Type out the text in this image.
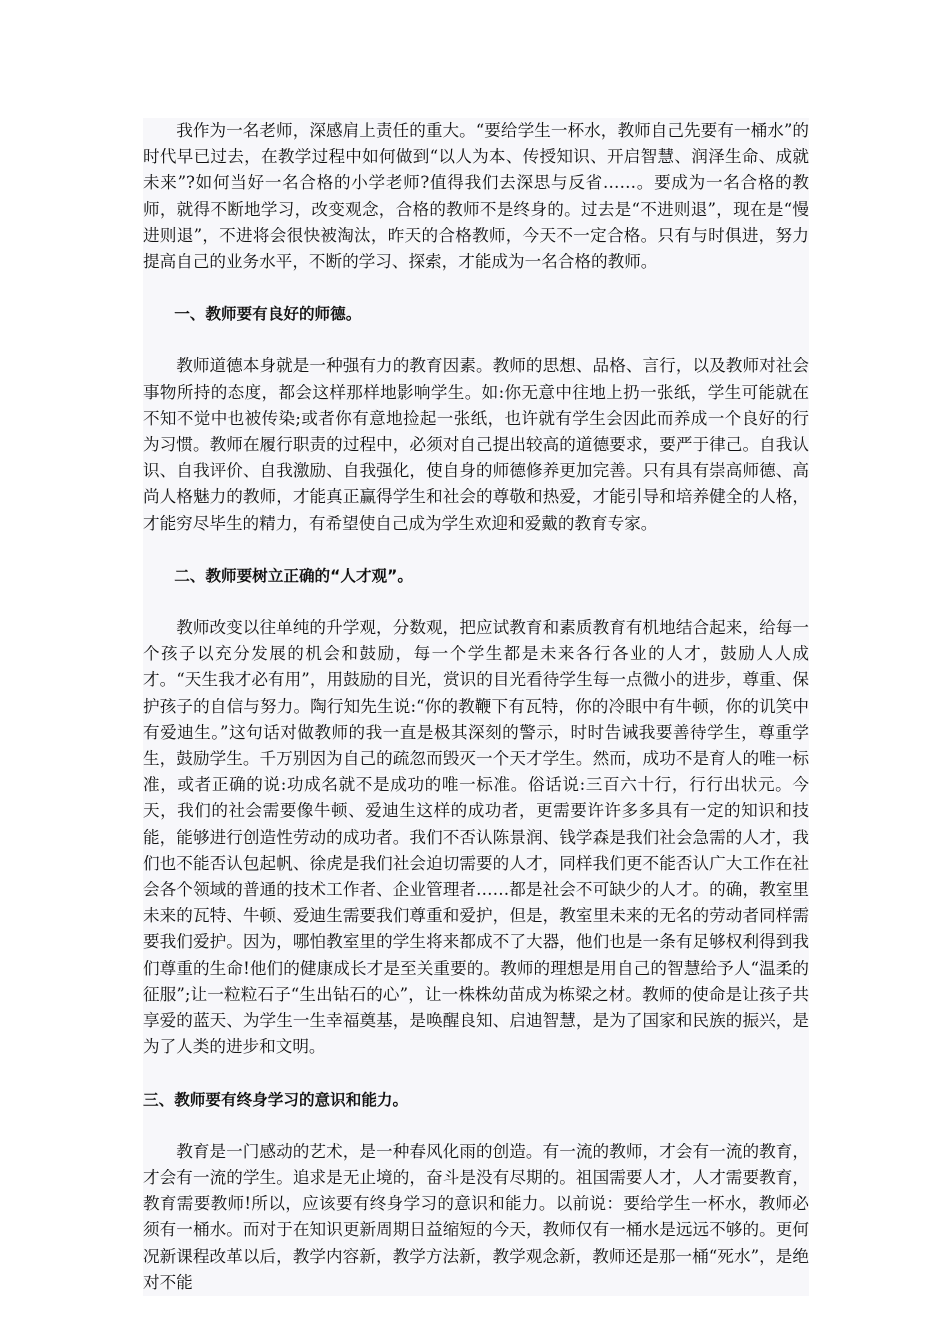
我作为一名老师，深感肩上责任的重大。“要给学生一杯水，教师自己先要有一桶水”的时代早已过去，在教学过程中如何做到“以人为本、传授知识、开启智慧、润泽生命、成就未来”?如何当好一名合格的小学老师?值得我们去深思与反省……。要成为一名合格的教师，就得不断地学习，改变观念，合格的教师不是终身的。过去是“不进则退”，现在是“慢进则退”，不进将会很快被淘汰，昨天的合格教师，今天不一定合格。只有与时俱进，努力提高自己的业务水平，不断的学习、探索，才能成为一名合格的教师。

一、教师要有良好的师德。

教师道德本身就是一种强有力的教育因素。教师的思想、品格、言行，以及教师对社会事物所持的态度，都会这样那样地影响学生。如:你无意中往地上扔一张纸，学生可能就在不知不觉中也被传染;或者你有意地捡起一张纸，也许就有学生会因此而养成一个良好的行为习惯。教师在履行职责的过程中，必须对自己提出较高的道德要求，要严于律己。自我认识、自我评价、自我激励、自我强化，使自身的师德修养更加完善。只有具有崇高师德、高尚人格魅力的教师，才能真正赢得学生和社会的尊敬和热爱，才能引导和培养健全的人格，才能穷尽毕生的精力，有希望使自己成为学生欢迎和爱戴的教育专家。

二、教师要树立正确的“人才观”。

教师改变以往单纯的升学观，分数观，把应试教育和素质教育有机地结合起来，给每一个孩子以充分发展的机会和鼓励，每一个学生都是未来各行各业的人才，鼓励人人成才。“天生我才必有用”，用鼓励的目光，赏识的目光看待学生每一点微小的进步，尊重、保护孩子的自信与努力。陶行知先生说:“你的教鞭下有瓦特，你的冷眼中有牛顿，你的讥笑中有爱迪生。”这句话对做教师的我一直是极其深刻的警示，时时告诫我要善待学生，尊重学生，鼓励学生。千万别因为自己的疏忽而毁灭一个天才学生。然而，成功不是育人的唯一标准，或者正确的说:功成名就不是成功的唯一标准。俗话说:三百六十行，行行出状元。今天，我们的社会需要像牛顿、爱迪生这样的成功者，更需要许许多多具有一定的知识和技能，能够进行创造性劳动的成功者。我们不否认陈景润、钱学森是我们社会急需的人才，我们也不能否认包起帆、徐虎是我们社会迫切需要的人才，同样我们更不能否认广大工作在社会各个领域的普通的技术工作者、企业管理者……都是社会不可缺少的人才。的确，教室里未来的瓦特、牛顿、爱迪生需要我们尊重和爱护，但是，教室里未来的无名的劳动者同样需要我们爱护。因为，哪怕教室里的学生将来都成不了大器，他们也是一条有足够权利得到我们尊重的生命!他们的健康成长才是至关重要的。教师的理想是用自己的智慧给予人“温柔的征服”;让一粒粒石子“生出钻石的心”，让一株株幼苗成为栋梁之材。教师的使命是让孩子共享爱的蓝天、为学生一生幸福奠基，是唤醒良知、启迪智慧，是为了国家和民族的振兴，是为了人类的进步和文明。

三、教师要有终身学习的意识和能力。

教育是一门感动的艺术，是一种春风化雨的创造。有一流的教师，才会有一流的教育，才会有一流的学生。追求是无止境的，奋斗是没有尽期的。祖国需要人才，人才需要教育，教育需要教师!所以，应该要有终身学习的意识和能力。以前说：要给学生一杯水，教师必须有一桶水。而对于在知识更新周期日益缩短的今天，教师仅有一桶水是远远不够的。更何况新课程改革以后，教学内容新，教学方法新，教学观念新，教师还是那一桶“死水”，是绝对不能
